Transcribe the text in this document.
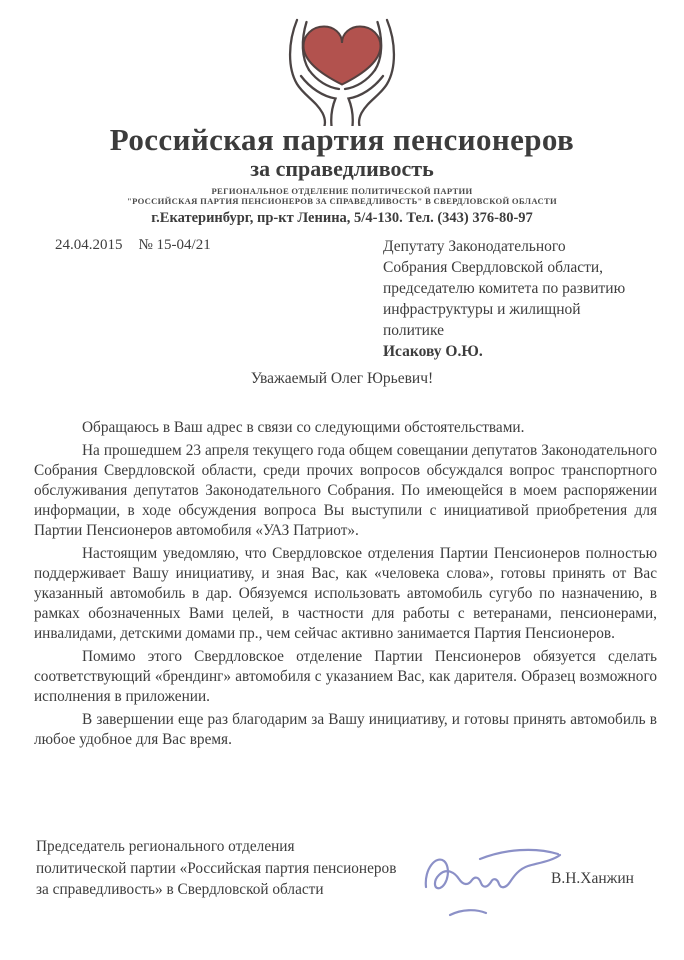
Российская партия пенсионеров
за справедливость
РЕГИОНАЛЬНОЕ ОТДЕЛЕНИЕ ПОЛИТИЧЕСКОЙ ПАРТИИ
"РОССИЙСКАЯ ПАРТИЯ ПЕНСИОНЕРОВ ЗА СПРАВЕДЛИВОСТЬ" В СВЕРДЛОВСКОЙ ОБЛАСТИ
г.Екатеринбург, пр-кт Ленина, 5/4-130. Тел. (343) 376-80-97
24.04.2015 № 15-04/21	Депутату Законодательного
Собрания Свердловской области,
председателю комитета по развитию
инфраструктуры и жилищной
политике
Исакову О.Ю.
Уважаемый Олег Юрьевич!

Обращаюсь в Ваш адрес в связи со следующими обстоятельствами.

На прошедшем 23 апреля текущего года общем совещании депутатов Законодательного Собрания Свердловской области, среди прочих вопросов обсуждался вопрос транспортного обслуживания депутатов Законодательного Собрания. По имеющейся в моем распоряжении информации, в ходе обсуждения вопроса Вы выступили с инициативой приобретения для Партии Пенсионеров автомобиля «УАЗ Патриот».

Настоящим уведомляю, что Свердловское отделения Партии Пенсионеров полностью поддерживает Вашу инициативу, и зная Вас, как «человека слова», готовы принять от Вас указанный автомобиль в дар. Обязуемся использовать автомобиль сугубо по назначению, в рамках обозначенных Вами целей, в частности для работы с ветеранами, пенсионерами, инвалидами, детскими домами пр., чем сейчас активно занимается Партия Пенсионеров.

Помимо этого Свердловское отделение Партии Пенсионеров обязуется сделать соответствующий «брендинг» автомобиля с указанием Вас, как дарителя. Образец возможного исполнения в приложении.

В завершении еще раз благодарим за Вашу инициативу, и готовы принять автомобиль в любое удобное для Вас время.

Председатель регионального отделения
политической партии «Российская партия пенсионеров
за справедливость» в Свердловской области
В.Н.Ханжин
